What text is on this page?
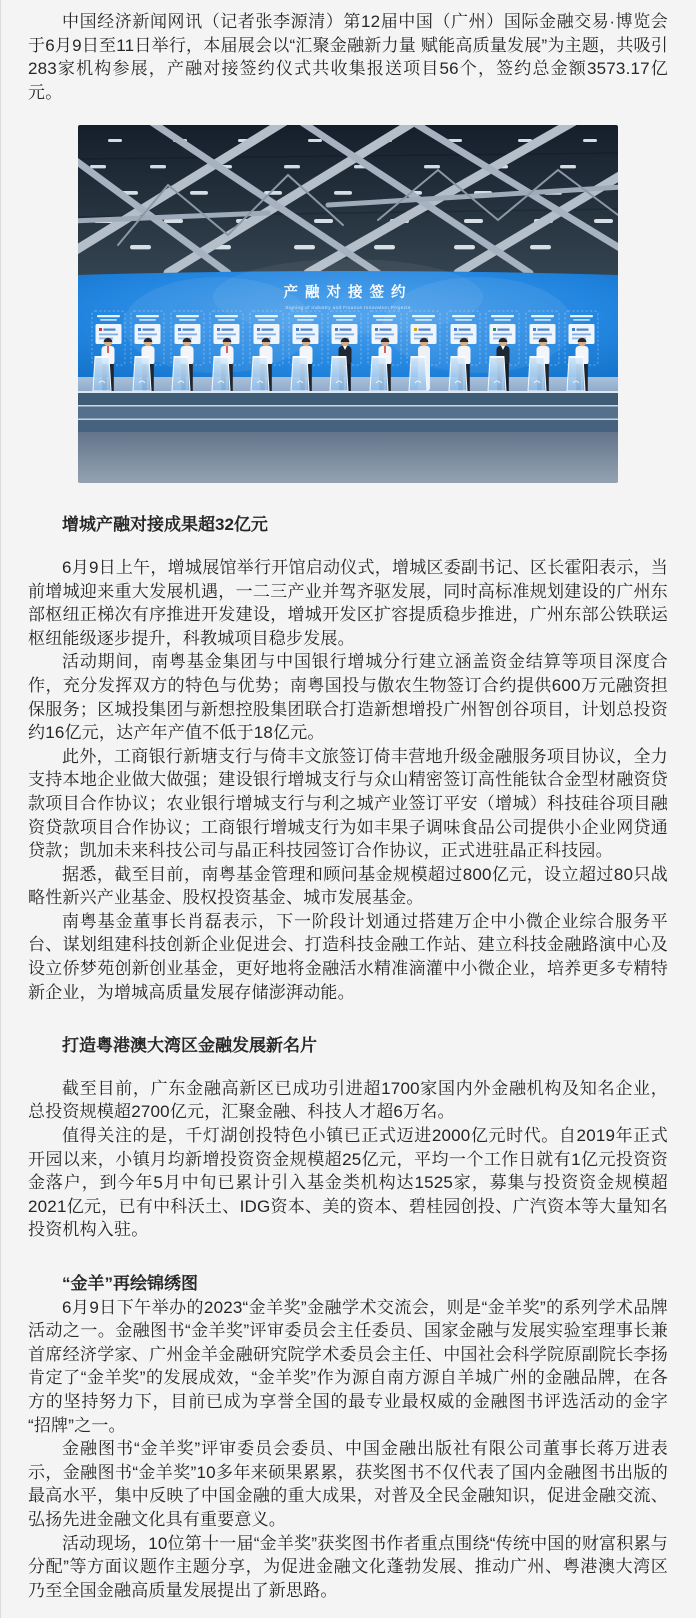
中国经济新闻网讯（记者张李源清）第12届中国（广州）国际金融交易·博览会于6月9日至11日举行，本届展会以“汇聚金融新力量 赋能高质量发展”为主题，共吸引283家机构参展，产融对接签约仪式共收集报送项目56个，签约总金额3573.17亿元。

产融对接签约
Signing of Industry and Finance Innovation Projects
增城产融对接成果超32亿元

6月9日上午，增城展馆举行开馆启动仪式，增城区委副书记、区长霍阳表示，当前增城迎来重大发展机遇，一二三产业并驾齐驱发展，同时高标准规划建设的广州东部枢纽正梯次有序推进开发建设，增城开发区扩容提质稳步推进，广州东部公铁联运枢纽能级逐步提升，科教城项目稳步发展。

活动期间，南粤基金集团与中国银行增城分行建立涵盖资金结算等项目深度合作，充分发挥双方的特色与优势；南粤国投与傲农生物签订合约提供600万元融资担保服务；区城投集团与新想控股集团联合打造新想增投广州智创谷项目，计划总投资约16亿元，达产年产值不低于18亿元。

此外，工商银行新塘支行与倚丰文旅签订倚丰营地升级金融服务项目协议，全力支持本地企业做大做强；建设银行增城支行与众山精密签订高性能钛合金型材融资贷款项目合作协议；农业银行增城支行与利之城产业签订平安（增城）科技硅谷项目融资贷款项目合作协议；工商银行增城支行为如丰果子调味食品公司提供小企业网贷通贷款；凯加未来科技公司与晶正科技园签订合作协议，正式进驻晶正科技园。

据悉，截至目前，南粤基金管理和顾问基金规模超过800亿元，设立超过80只战略性新兴产业基金、股权投资基金、城市发展基金。

南粤基金董事长肖磊表示，下一阶段计划通过搭建万企中小微企业综合服务平台、谋划组建科技创新企业促进会、打造科技金融工作站、建立科技金融路演中心及设立侨梦苑创新创业基金，更好地将金融活水精准滴灌中小微企业，培养更多专精特新企业，为增城高质量发展存储澎湃动能。

打造粤港澳大湾区金融发展新名片

截至目前，广东金融高新区已成功引进超1700家国内外金融机构及知名企业，总投资规模超2700亿元，汇聚金融、科技人才超6万名。

值得关注的是，千灯湖创投特色小镇已正式迈进2000亿元时代。自2019年正式开园以来，小镇月均新增投资资金规模超25亿元，平均一个工作日就有1亿元投资资金落户，到今年5月中旬已累计引入基金类机构达1525家，募集与投资资金规模超2021亿元，已有中科沃土、IDG资本、美的资本、碧桂园创投、广汽资本等大量知名投资机构入驻。

“金羊”再绘锦绣图

6月9日下午举办的2023“金羊奖”金融学术交流会，则是“金羊奖”的系列学术品牌活动之一。金融图书“金羊奖”评审委员会主任委员、国家金融与发展实验室理事长兼首席经济学家、广州金羊金融研究院学术委员会主任、中国社会科学院原副院长李扬肯定了“金羊奖”的发展成效，“金羊奖”作为源自南方源自羊城广州的金融品牌，在各方的坚持努力下，目前已成为享誉全国的最专业最权威的金融图书评选活动的金字“招牌”之一。

金融图书“金羊奖”评审委员会委员、中国金融出版社有限公司董事长蒋万进表示，金融图书“金羊奖”10多年来硕果累累，获奖图书不仅代表了国内金融图书出版的最高水平，集中反映了中国金融的重大成果，对普及全民金融知识，促进金融交流、弘扬先进金融文化具有重要意义。

活动现场，10位第十一届“金羊奖”获奖图书作者重点围绕“传统中国的财富积累与分配”等方面议题作主题分享，为促进金融文化蓬勃发展、推动广州、粤港澳大湾区乃至全国金融高质量发展提出了新思路。
